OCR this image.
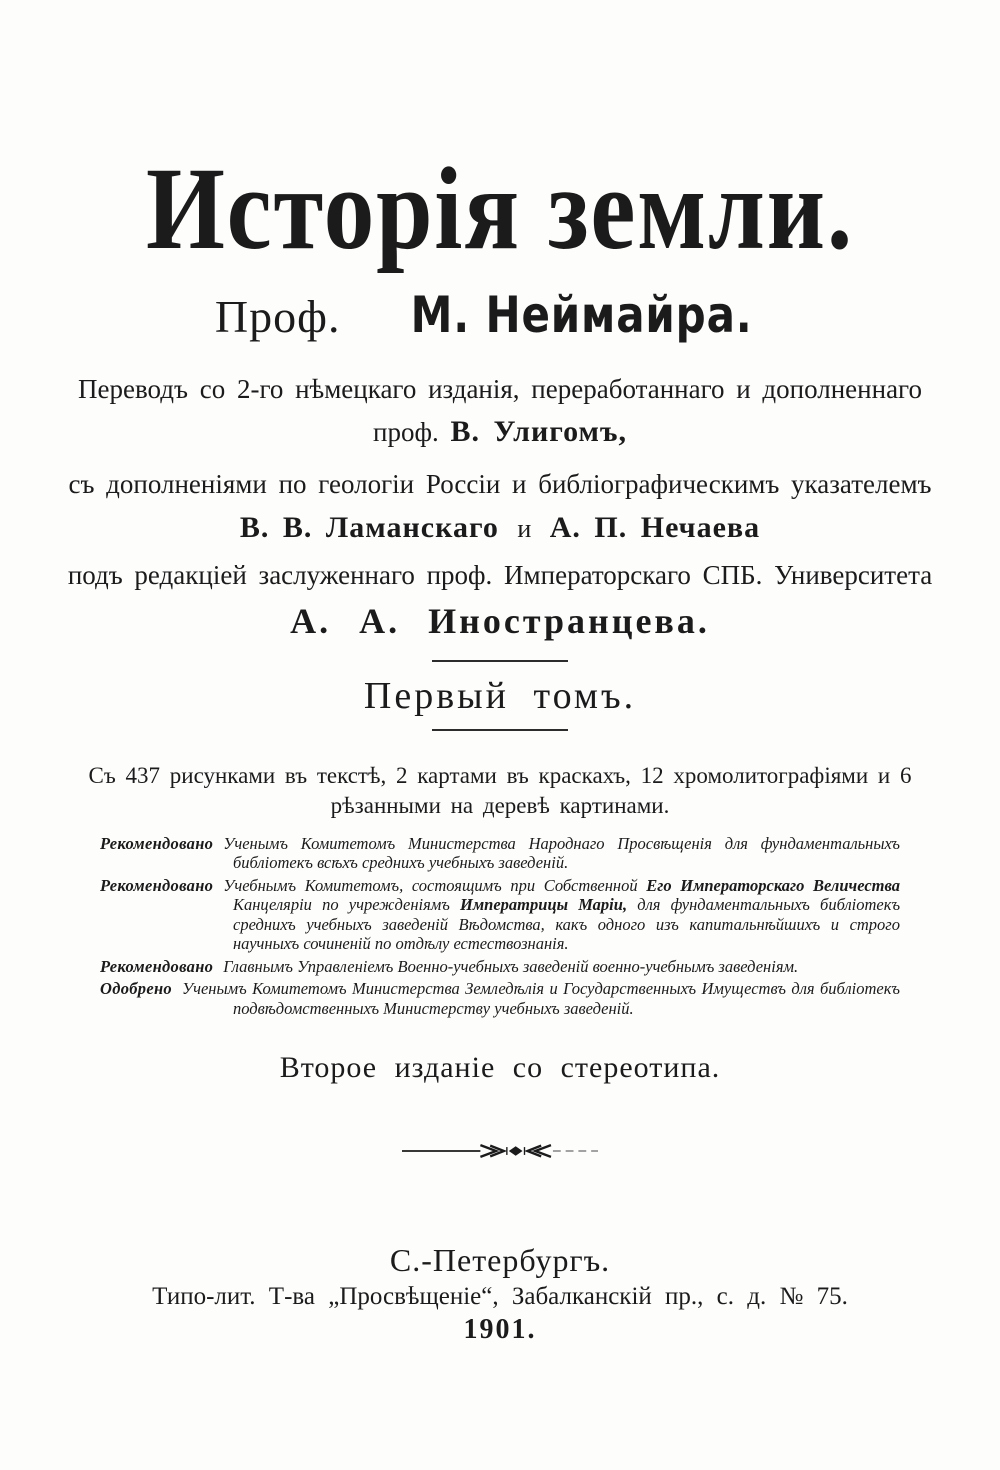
Исторія земли.
Проф. М. Неймайра.

Переводъ со 2-го нѣмецкаго изданія, переработаннаго и дополненнаго

проф. В. Улигомъ,

съ дополненіями по геологіи Россіи и библіографическимъ указателемъ

В. В. Ламанскаго и А. П. Нечаева

подъ редакціей заслуженнаго проф. Императорскаго СПБ. Университета

А. А. Иностранцева.

Первый томъ.

Съ 437 рисунками въ текстѣ, 2 картами въ краскахъ, 12 хромолитографіями и 6 рѣзанными на деревѣ картинами.

Рекомендовано Ученымъ Комитетомъ Министерства Народнаго Просвѣщенія для фундаментальныхъ библіотекъ всѣхъ среднихъ учебныхъ заведеній.
Рекомендовано Учебнымъ Комитетомъ, состоящимъ при Собственной Его Императорскаго Величества Канцеляріи по учрежденіямъ Императрицы Маріи, для фундаментальныхъ библіотекъ среднихъ учебныхъ заведеній Вѣдомства, какъ одного изъ капитальнѣйшихъ и строго научныхъ сочиненій по отдѣлу естествознанія.
Рекомендовано Главнымъ Управленіемъ Военно-учебныхъ заведеній военно-учебнымъ заведеніям.
Одобрено Ученымъ Комитетомъ Министерства Земледѣлія и Государственныхъ Имуществъ для библіотекъ подвѣдомственныхъ Министерству учебныхъ заведеній.

Второе изданіе со стереотипа.

С.-Петербургъ.

Типо-лит. Т-ва „Просвѣщеніе“, Забалканскій пр., с. д. № 75.

1901.
